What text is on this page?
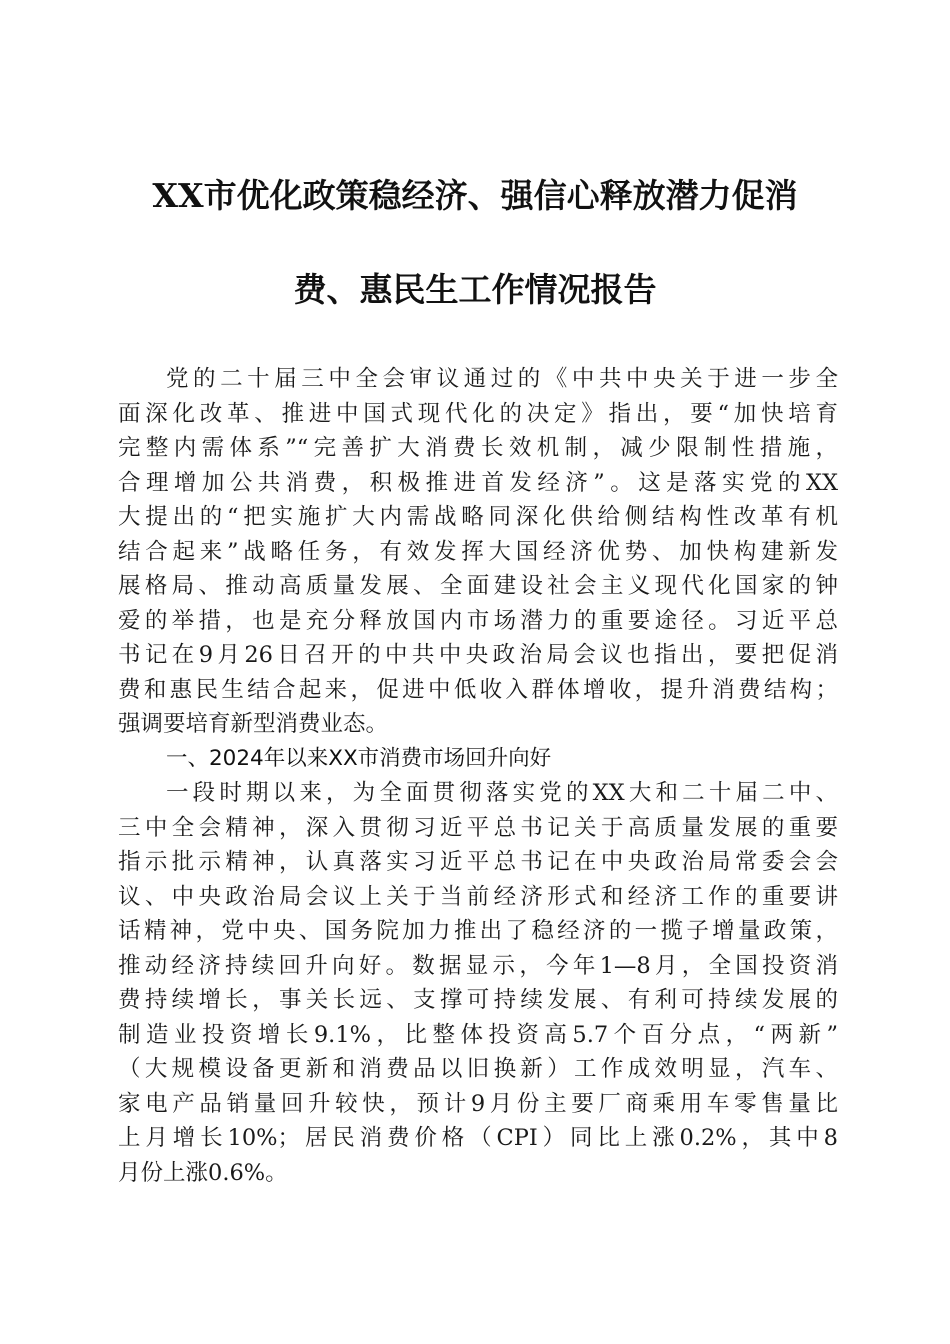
XX市优化政策稳经济、强信心释放潜力促消
费、惠民生工作情况报告
党的二十届三中全会审议通过的《中共中央关于进一步全
面深化改革、推进中国式现代化的决定》指出，要“加快培育
完整内需体系”“完善扩大消费长效机制，减少限制性措施，
合理增加公共消费，积极推进首发经济”。这是落实党的XX
大提出的“把实施扩大内需战略同深化供给侧结构性改革有机
结合起来”战略任务，有效发挥大国经济优势、加快构建新发
展格局、推动高质量发展、全面建设社会主义现代化国家的钟
爱的举措，也是充分释放国内市场潜力的重要途径。习近平总
书记在9月26日召开的中共中央政治局会议也指出，要把促消
费和惠民生结合起来，促进中低收入群体增收，提升消费结构；
强调要培育新型消费业态。
一、2024年以来XX市消费市场回升向好
一段时期以来，为全面贯彻落实党的XX大和二十届二中、
三中全会精神，深入贯彻习近平总书记关于高质量发展的重要
指示批示精神，认真落实习近平总书记在中央政治局常委会会
议、中央政治局会议上关于当前经济形式和经济工作的重要讲
话精神，党中央、国务院加力推出了稳经济的一揽子增量政策，
推动经济持续回升向好。数据显示，今年1—8月，全国投资消
费持续增长，事关长远、支撑可持续发展、有利可持续发展的
制造业投资增长9.1%，比整体投资高5.7个百分点，“两新”
（大规模设备更新和消费品以旧换新）工作成效明显，汽车、
家电产品销量回升较快，预计9月份主要厂商乘用车零售量比
上月增长10%；居民消费价格（CPI）同比上涨0.2%，其中8
月份上涨0.6%。
